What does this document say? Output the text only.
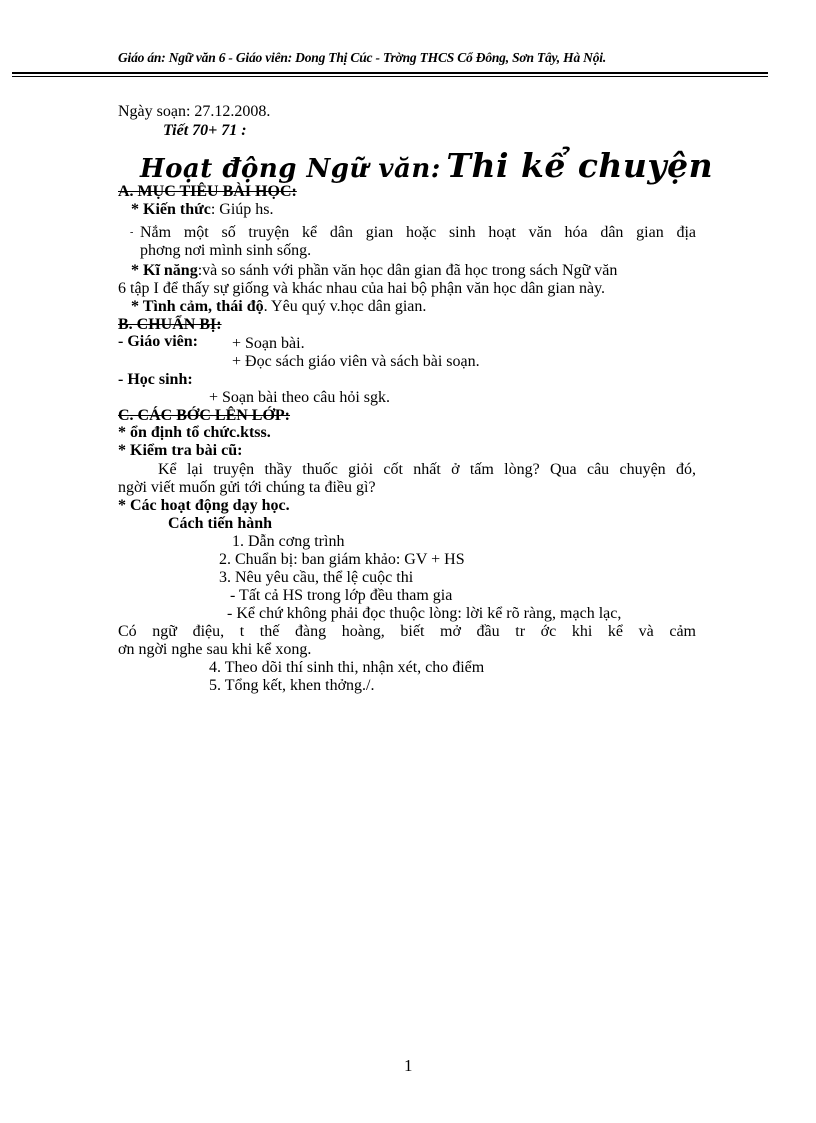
Giáo án: Ngữ văn 6 - Giáo viên: Dong Thị Cúc - Trờng THCS Cổ Đông, Sơn Tây, Hà Nội.
Ngày soạn: 27.12.2008.
Tiết 70+ 71 :
Hoạt động Ngữ văn: Thi kể chuyện
A. MỤC TIÊU BÀI HỌC:
* Kiến thức: Giúp hs.
- Nắm một số truyện kể dân gian hoặc sinh hoạt văn hóa dân gian địa
phơng nơi mình sinh sống.
* Kĩ năng:và so sánh với phần văn học dân gian đã học trong sách Ngữ văn
6 tập I để thấy sự giống và khác nhau của hai bộ phận văn học dân gian này.
* Tình cảm, thái độ. Yêu quý v.học dân gian.
B. CHUẨN BỊ:
- Giáo viên: + Soạn bài.
+ Đọc sách giáo viên và sách bài soạn.
- Học sinh:
+ Soạn bài theo câu hỏi sgk.
C. CÁC BỚC LÊN LỚP:
* ổn định tổ chức.ktss.
* Kiểm tra bài cũ:
Kể lại truyện thầy thuốc giỏi cốt nhất ở tấm lòng? Qua câu chuyện đó,
ngời viết muốn gửi tới chúng ta điều gì?
* Các hoạt động dạy học.
Cách tiến hành
1. Dẫn cơng trình
2. Chuẩn bị: ban giám khảo: GV + HS
3. Nêu yêu cầu, thể lệ cuộc thi
- Tất cả HS trong lớp đều tham gia
- Kể chứ không phải đọc thuộc lòng: lời kể rõ ràng, mạch lạc,
Có ngữ điệu, t thế đàng hoàng, biết mở đầu tr ớc khi kể và cảm
ơn ngời nghe sau khi kể xong.
4. Theo dõi thí sinh thi, nhận xét, cho điểm
5. Tổng kết, khen thởng./.
1
